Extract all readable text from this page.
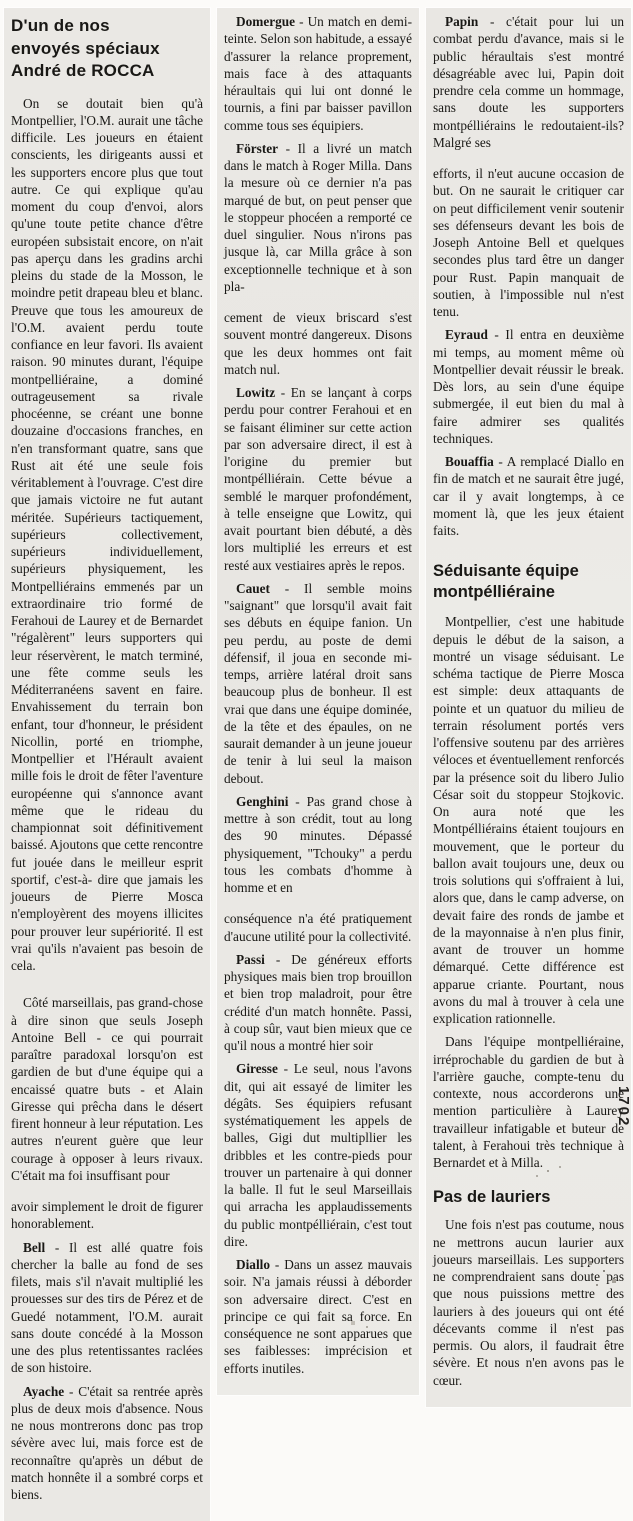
D'un de nos
envoyés spéciaux
André de ROCCA

On se doutait bien qu'à Montpellier, l'O.M. aurait une tâche difficile. Les joueurs en étaient conscients, les dirigeants aussi et les supporters encore plus que tout autre. Ce qui explique qu'au moment du coup d'envoi, alors qu'une toute petite chance d'être européen subsistait encore, on n'ait pas aperçu dans les gradins archi pleins du stade de la Mosson, le moindre petit drapeau bleu et blanc. Preuve que tous les amoureux de l'O.M. avaient perdu toute confiance en leur favori. Ils avaient raison. 90 minutes durant, l'équipe montpelliéraine, a dominé outrageusement sa rivale phocéenne, se créant une bonne douzaine d'occasions franches, en n'en transformant quatre, sans que Rust ait été une seule fois véritablement à l'ouvrage. C'est dire que jamais victoire ne fut autant méritée. Supérieurs tactiquement, supérieurs collectivement, supérieurs individuellement, supérieurs physiquement, les Montpelliérains emmenés par un extraordinaire trio formé de Ferahoui de Laurey et de Bernardet "régalèrent" leurs supporters qui leur réservèrent, le match terminé, une fête comme seuls les Méditerranéens savent en faire. Envahissement du terrain bon enfant, tour d'honneur, le président Nicollin, porté en triomphe, Montpellier et l'Hérault avaient mille fois le droit de fêter l'aventure européenne qui s'annonce avant même que le rideau du championnat soit définitivement baissé. Ajoutons que cette rencontre fut jouée dans le meilleur esprit sportif, c'est-à- dire que jamais les joueurs de Pierre Mosca n'employèrent des moyens illicites pour prouver leur supériorité. Il est vrai qu'ils n'avaient pas besoin de cela.

Côté marseillais, pas grand-chose à dire sinon que seuls Joseph Antoine Bell - ce qui pourrait paraître paradoxal lorsqu'on est gardien de but d'une équipe qui a encaissé quatre buts - et Alain Giresse qui prêcha dans le désert firent honneur à leur réputation. Les autres n'eurent guère que leur courage à opposer à leurs rivaux. C'était ma foi insuffisant pour

avoir simplement le droit de figurer honorablement.

Bell - Il est allé quatre fois chercher la balle au fond de ses filets, mais s'il n'avait multiplié les prouesses sur des tirs de Pérez et de Guedé notamment, l'O.M. aurait sans doute concédé à la Mosson une des plus retentissantes raclées de son histoire.

Ayache - C'était sa rentrée après plus de deux mois d'absence. Nous ne nous montrerons donc pas trop sévère avec lui, mais force est de reconnaître qu'après un début de match honnête il a sombré corps et biens.

Domergue - Un match en demi-teinte. Selon son habitude, a essayé d'assurer la relance proprement, mais face à des attaquants héraultais qui lui ont donné le tournis, a fini par baisser pavillon comme tous ses équipiers.

Förster - Il a livré un match dans le match à Roger Milla. Dans la mesure où ce dernier n'a pas marqué de but, on peut penser que le stoppeur phocéen a remporté ce duel singulier. Nous n'irons pas jusque là, car Milla grâce à son exceptionnelle technique et à son pla-

cement de vieux briscard s'est souvent montré dangereux. Disons que les deux hommes ont fait match nul.

Lowitz - En se lançant à corps perdu pour contrer Ferahoui et en se faisant éliminer sur cette action par son adversaire direct, il est à l'origine du premier but montpélliérain. Cette bévue a semblé le marquer profondément, à telle enseigne que Lowitz, qui avait pourtant bien débuté, a dès lors multiplié les erreurs et est resté aux vestiaires après le repos.

Cauet - Il semble moins "saignant" que lorsqu'il avait fait ses débuts en équipe fanion. Un peu perdu, au poste de demi défensif, il joua en seconde mi-temps, arrière latéral droit sans beaucoup plus de bonheur. Il est vrai que dans une équipe dominée, de la tête et des épaules, on ne saurait demander à un jeune joueur de tenir à lui seul la maison debout.

Genghini - Pas grand chose à mettre à son crédit, tout au long des 90 minutes. Dépassé physiquement, "Tchouky" a perdu tous les combats d'homme à homme et en

conséquence n'a été pratiquement d'aucune utilité pour la collectivité.

Passi - De généreux efforts physiques mais bien trop brouillon et bien trop maladroit, pour être crédité d'un match honnête. Passi, à coup sûr, vaut bien mieux que ce qu'il nous a montré hier soir

Giresse - Le seul, nous l'avons dit, qui ait essayé de limiter les dégâts. Ses équipiers refusant systématiquement les appels de balles, Gigi dut multipllier les dribbles et les contre-pieds pour trouver un partenaire à qui donner la balle. Il fut le seul Marseillais qui arracha les applaudissements du public montpélliérain, c'est tout dire.

Diallo - Dans un assez mauvais soir. N'a jamais réussi à déborder son adversaire direct. C'est en principe ce qui fait sa force. En conséquence ne sont apparues que ses faiblesses: imprécision et efforts inutiles.

Papin - c'était pour lui un combat perdu d'avance, mais si le public héraultais s'est montré désagréable avec lui, Papin doit prendre cela comme un hommage, sans doute les supporters montpélliérains le redoutaient-ils? Malgré ses

efforts, il n'eut aucune occasion de but. On ne saurait le critiquer car on peut difficilement venir soutenir ses défenseurs devant les bois de Joseph Antoine Bell et quelques secondes plus tard être un danger pour Rust. Papin manquait de soutien, à l'impossible nul n'est tenu.

Eyraud - Il entra en deuxième mi temps, au moment même où Montpellier devait réussir le break. Dès lors, au sein d'une équipe submergée, il eut bien du mal à faire admirer ses qualités techniques.

Bouaffia - A remplacé Diallo en fin de match et ne saurait être jugé, car il y avait longtemps, à ce moment là, que les jeux étaient faits.

Séduisante équipe montpélliéraine

Montpellier, c'est une habitude depuis le début de la saison, a montré un visage séduisant. Le schéma tactique de Pierre Mosca est simple: deux attaquants de pointe et un quatuor du milieu de terrain résolument portés vers l'offensive soutenu par des arrières véloces et éventuellement renforcés par la présence soit du libero Julio César soit du stoppeur Stojkovic. On aura noté que les Montpélliérains étaient toujours en mouvement, que le porteur du ballon avait toujours une, deux ou trois solutions qui s'offraient à lui, alors que, dans le camp adverse, on devait faire des ronds de jambe et de la mayonnaise à n'en plus finir, avant de trouver un homme démarqué. Cette différence est apparue criante. Pourtant, nous avons du mal à trouver à cela une explication rationnelle.

Dans l'équipe montpelliéraine, irréprochable du gardien de but à l'arrière gauche, compte-tenu du contexte, nous accorderons une mention particulière à Laurey travailleur infatigable et buteur de talent, à Ferahoui très technique à Bernardet et à Milla.

Pas de lauriers

Une fois n'est pas coutume, nous ne mettrons aucun laurier aux joueurs marseillais. Les supporters ne comprendraient sans doute pas que nous puissions mettre des lauriers à des joueurs qui ont été décevants comme il n'est pas permis. Ou alors, il faudrait être sévère. Et nous n'en avons pas le cœur.

1702
